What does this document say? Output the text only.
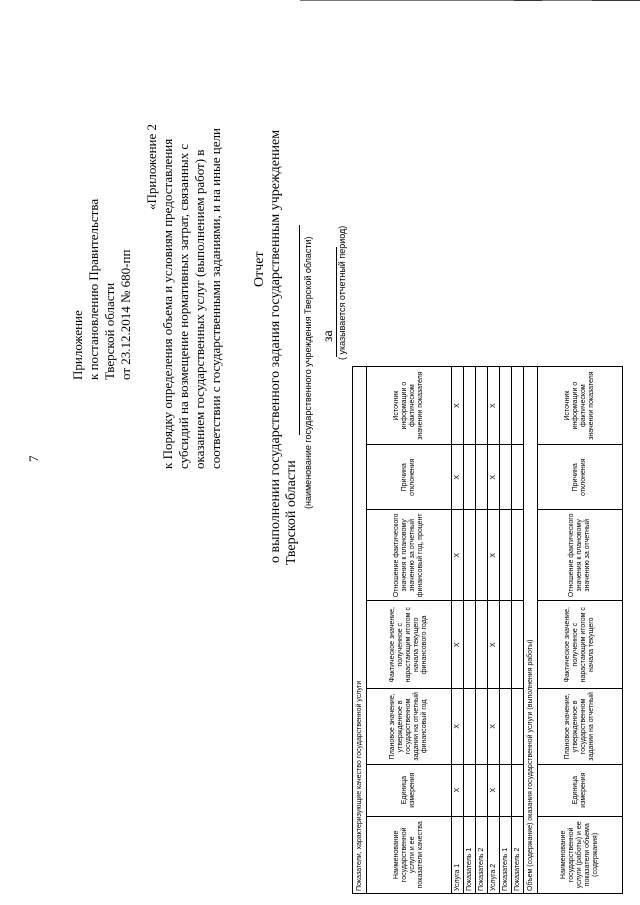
7
Приложение к постановлению Правительства Тверской области от 23.12.2014 № 680-пп
«Приложение 2 к Порядку определения объема и условиям предоставления субсидий на возмещение нормативных затрат, связанных с оказанием государственных услуг (выполнением работ) в соответствии с государственными заданиями, и на иные цели Отчет о выполнении государственного задания государственным учреждением Тверской области
(наименование государственного учреждения Тверской области) за ( указывается отчетный период)
Показатели, характеризующие качество государственной услуги						
Наименование государственной услуги и ее показатели качества	Единица измерения	Плановое значение, утвержденное в государственном задании на отчетный финансовый год	Фактическое значение, полученное с нарастающим итогом с начала текущего финансового года	Отношение фактического значения к плановому значению за отчетный финансовый год, процент	Причина отклонения	Источник информации о фактическом значении показателя
Услуга 1	Х	Х	Х	Х	Х	Х
Показатель 1						
Показатель 2						
Услуга 2	Х	Х	Х	Х	Х	Х
Показатель 1						
Показатель 2						
Объем (содержание) оказания государственной услуги (выполнения работы)						
Наименование государственной услуги (работы) и ее показатели объема (содержания)	Единица измерения	Плановое значение, утвержденное в государственном задании на отчетный	Фактическое значение, полученное с нарастающим итогом с начала текущего	Отношение фактического значения к плановому значению за отчетный	Причина отклонения	Источник информации о фактическом значении показателя
